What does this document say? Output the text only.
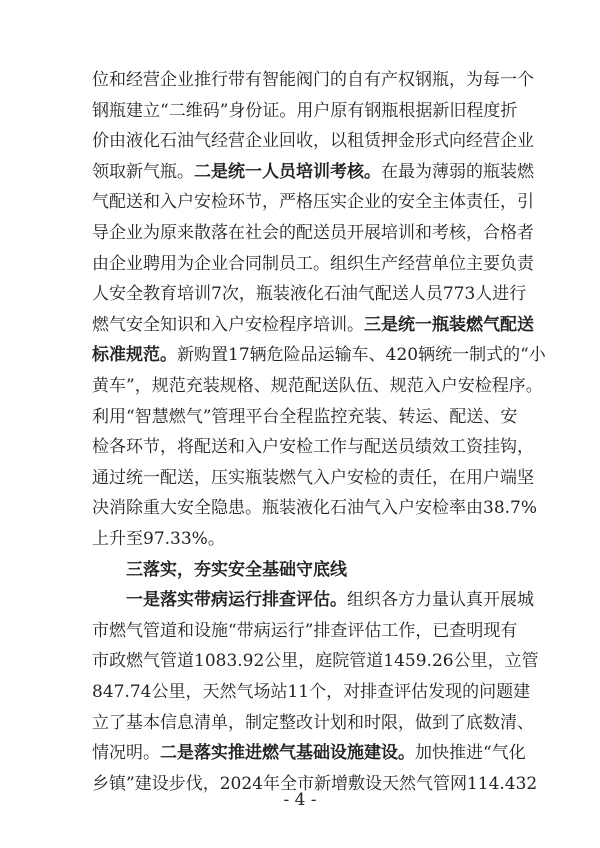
位和经营企业推行带有智能阀门的自有产权钢瓶，为每一个
钢瓶建立“二维码”身份证。用户原有钢瓶根据新旧程度折
价由液化石油气经营企业回收，以租赁押金形式向经营企业
领取新气瓶。二是统一人员培训考核。在最为薄弱的瓶装燃
气配送和入户安检环节，严格压实企业的安全主体责任，引
导企业为原来散落在社会的配送员开展培训和考核，合格者
由企业聘用为企业合同制员工。组织生产经营单位主要负责
人安全教育培训7次，瓶装液化石油气配送人员773人进行
燃气安全知识和入户安检程序培训。三是统一瓶装燃气配送
标准规范。新购置17辆危险品运输车、420辆统一制式的“小
黄车”，规范充装规格、规范配送队伍、规范入户安检程序。
利用“智慧燃气”管理平台全程监控充装、转运、配送、安
检各环节，将配送和入户安检工作与配送员绩效工资挂钩，
通过统一配送，压实瓶装燃气入户安检的责任，在用户端坚
决消除重大安全隐患。瓶装液化石油气入户安检率由38.7%
上升至97.33%。
三落实，夯实安全基础守底线
一是落实带病运行排查评估。组织各方力量认真开展城
市燃气管道和设施“带病运行”排查评估工作，已查明现有
市政燃气管道1083.92公里，庭院管道1459.26公里，立管
847.74公里，天然气场站11个，对排查评估发现的问题建
- 4 -
立了基本信息清单，制定整改计划和时限，做到了底数清、
情况明。二是落实推进燃气基础设施建设。加快推进“气化
乡镇”建设步伐，2024年全市新增敷设天然气管网114.432
